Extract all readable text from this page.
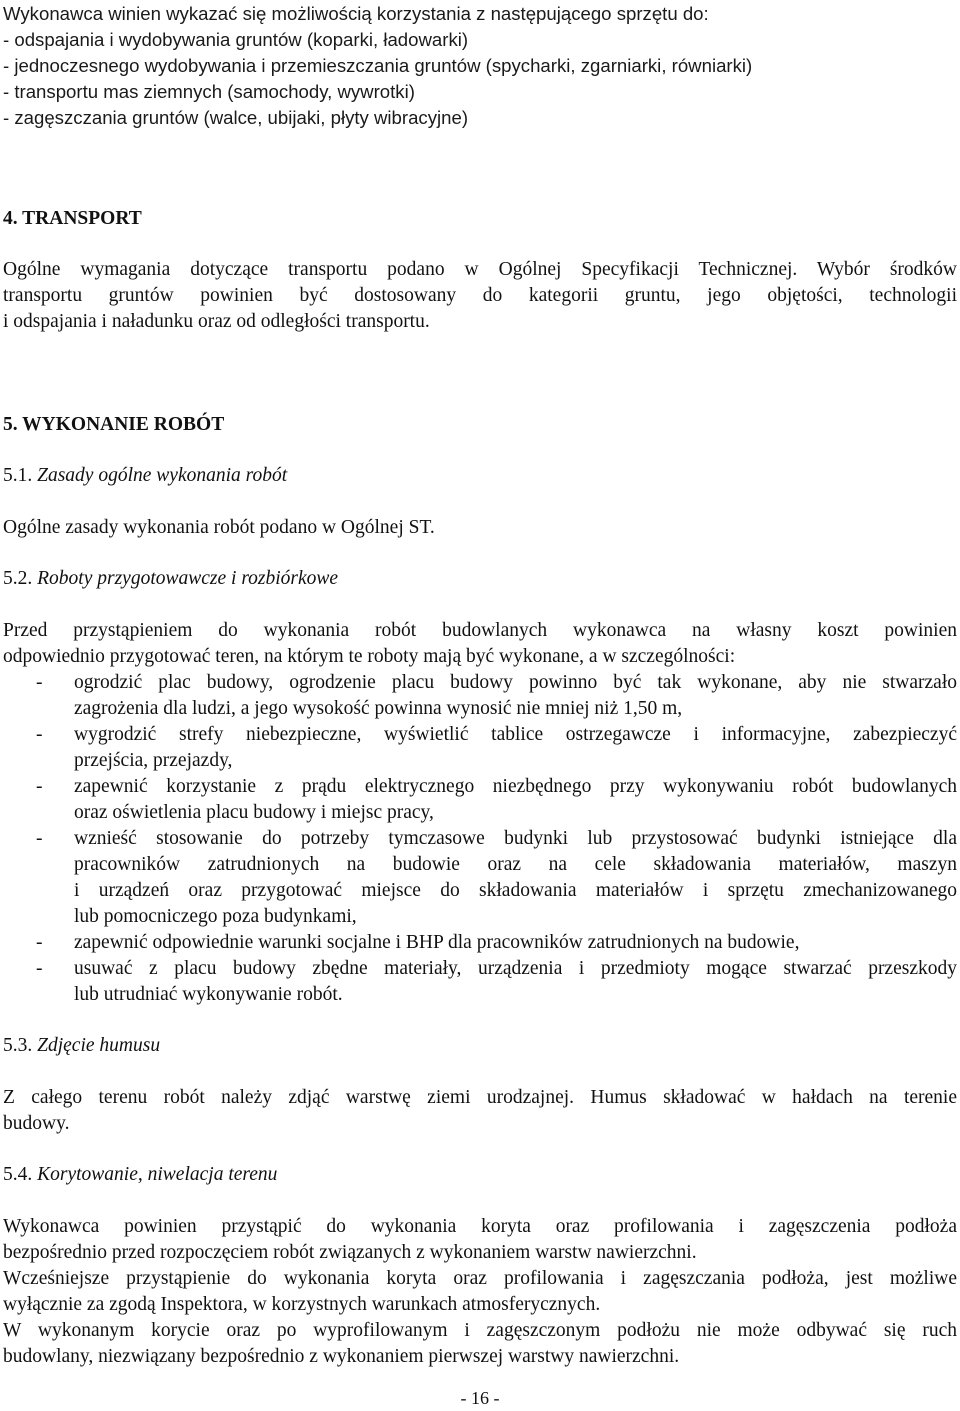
Wykonawca winien wykazać się możliwością korzystania z następującego sprzętu do:
- odspajania i wydobywania gruntów (koparki, ładowarki)
- jednoczesnego wydobywania i przemieszczania gruntów (spycharki, zgarniarki, równiarki)
- transportu mas ziemnych (samochody, wywrotki)
- zagęszczania gruntów (walce, ubijaki, płyty wibracyjne)
4. TRANSPORT
Ogólne wymagania dotyczące transportu podano w Ogólnej Specyfikacji Technicznej. Wybór środków
transportu gruntów powinien być dostosowany do kategorii gruntu, jego objętości, technologii
i odspajania i naładunku oraz od odległości transportu.
5. WYKONANIE ROBÓT
5.1. Zasady ogólne wykonania robót
Ogólne zasady wykonania robót podano w Ogólnej ST.
5.2. Roboty przygotowawcze i rozbiórkowe
Przed przystąpieniem do wykonania robót budowlanych wykonawca na własny koszt powinien
odpowiednio przygotować teren, na którym te roboty mają być wykonane, a w szczególności:
- ogrodzić plac budowy, ogrodzenie placu budowy powinno być tak wykonane, aby nie stwarzało
zagrożenia dla ludzi, a jego wysokość powinna wynosić nie mniej niż 1,50 m,
- wygrodzić strefy niebezpieczne, wyświetlić tablice ostrzegawcze i informacyjne, zabezpieczyć
przejścia, przejazdy,
- zapewnić korzystanie z prądu elektrycznego niezbędnego przy wykonywaniu robót budowlanych
oraz oświetlenia placu budowy i miejsc pracy,
- wznieść stosowanie do potrzeby tymczasowe budynki lub przystosować budynki istniejące dla
pracowników zatrudnionych na budowie oraz na cele składowania materiałów, maszyn
i urządzeń oraz przygotować miejsce do składowania materiałów i sprzętu zmechanizowanego
lub pomocniczego poza budynkami,
- zapewnić odpowiednie warunki socjalne i BHP dla pracowników zatrudnionych na budowie,
- usuwać z placu budowy zbędne materiały, urządzenia i przedmioty mogące stwarzać przeszkody
lub utrudniać wykonywanie robót.
5.3. Zdjęcie humusu
Z całego terenu robót należy zdjąć warstwę ziemi urodzajnej. Humus składować w hałdach na terenie
budowy.
5.4. Korytowanie, niwelacja terenu
Wykonawca powinien przystąpić do wykonania koryta oraz profilowania i zagęszczenia podłoża
bezpośrednio przed rozpoczęciem robót związanych z wykonaniem warstw nawierzchni.
Wcześniejsze przystąpienie do wykonania koryta oraz profilowania i zagęszczania podłoża, jest możliwe
wyłącznie za zgodą Inspektora, w korzystnych warunkach atmosferycznych.
W wykonanym korycie oraz po wyprofilowanym i zagęszczonym podłożu nie może odbywać się ruch
budowlany, niezwiązany bezpośrednio z wykonaniem pierwszej warstwy nawierzchni.
- 16 -
